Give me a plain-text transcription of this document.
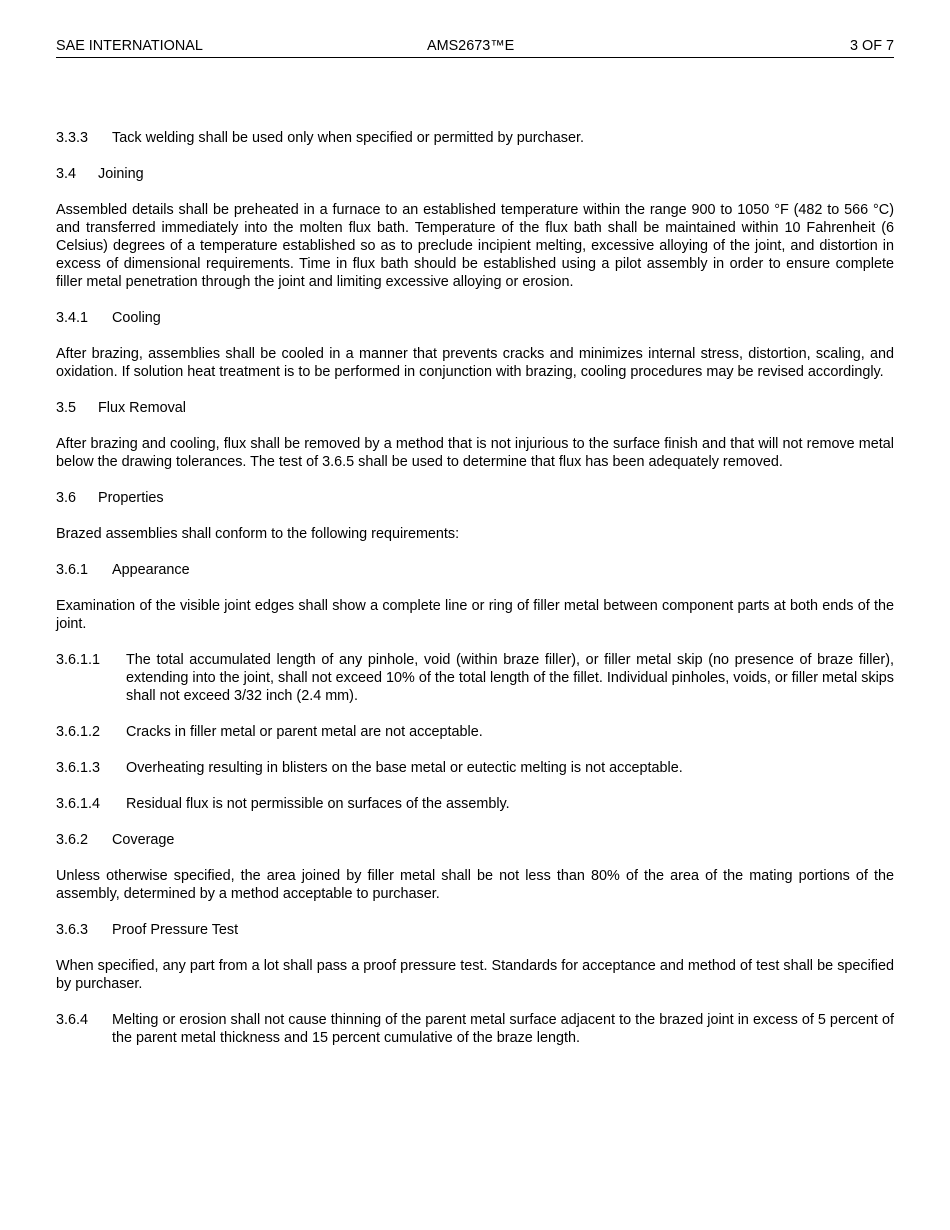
SAE INTERNATIONAL	AMS2673™E	3 OF 7
3.3.3 Tack welding shall be used only when specified or permitted by purchaser.
3.4 Joining

Assembled details shall be preheated in a furnace to an established temperature within the range 900 to 1050 °F (482 to 566 °C) and transferred immediately into the molten flux bath. Temperature of the flux bath shall be maintained within 10 Fahrenheit (6 Celsius) degrees of a temperature established so as to preclude incipient melting, excessive alloying of the joint, and distortion in excess of dimensional requirements. Time in flux bath should be established using a pilot assembly in order to ensure complete filler metal penetration through the joint and limiting excessive alloying or erosion.

3.4.1 Cooling

After brazing, assemblies shall be cooled in a manner that prevents cracks and minimizes internal stress, distortion, scaling, and oxidation. If solution heat treatment is to be performed in conjunction with brazing, cooling procedures may be revised accordingly.

3.5 Flux Removal

After brazing and cooling, flux shall be removed by a method that is not injurious to the surface finish and that will not remove metal below the drawing tolerances. The test of 3.6.5 shall be used to determine that flux has been adequately removed.

3.6 Properties

Brazed assemblies shall conform to the following requirements:

3.6.1 Appearance

Examination of the visible joint edges shall show a complete line or ring of filler metal between component parts at both ends of the joint.

3.6.1.1	The total accumulated length of any pinhole, void (within braze filler), or filler metal skip (no presence of braze filler), extending into the joint, shall not exceed 10% of the total length of the fillet. Individual pinholes, voids, or filler metal skips shall not exceed 3/32 inch (2.4 mm).
3.6.1.2	Cracks in filler metal or parent metal are not acceptable.
3.6.1.3	Overheating resulting in blisters on the base metal or eutectic melting is not acceptable.
3.6.1.4	Residual flux is not permissible on surfaces of the assembly.
3.6.2 Coverage

Unless otherwise specified, the area joined by filler metal shall be not less than 80% of the area of the mating portions of the assembly, determined by a method acceptable to purchaser.

3.6.3 Proof Pressure Test

When specified, any part from a lot shall pass a proof pressure test. Standards for acceptance and method of test shall be specified by purchaser.

3.6.4	Melting or erosion shall not cause thinning of the parent metal surface adjacent to the brazed joint in excess of 5 percent of the parent metal thickness and 15 percent cumulative of the braze length.
